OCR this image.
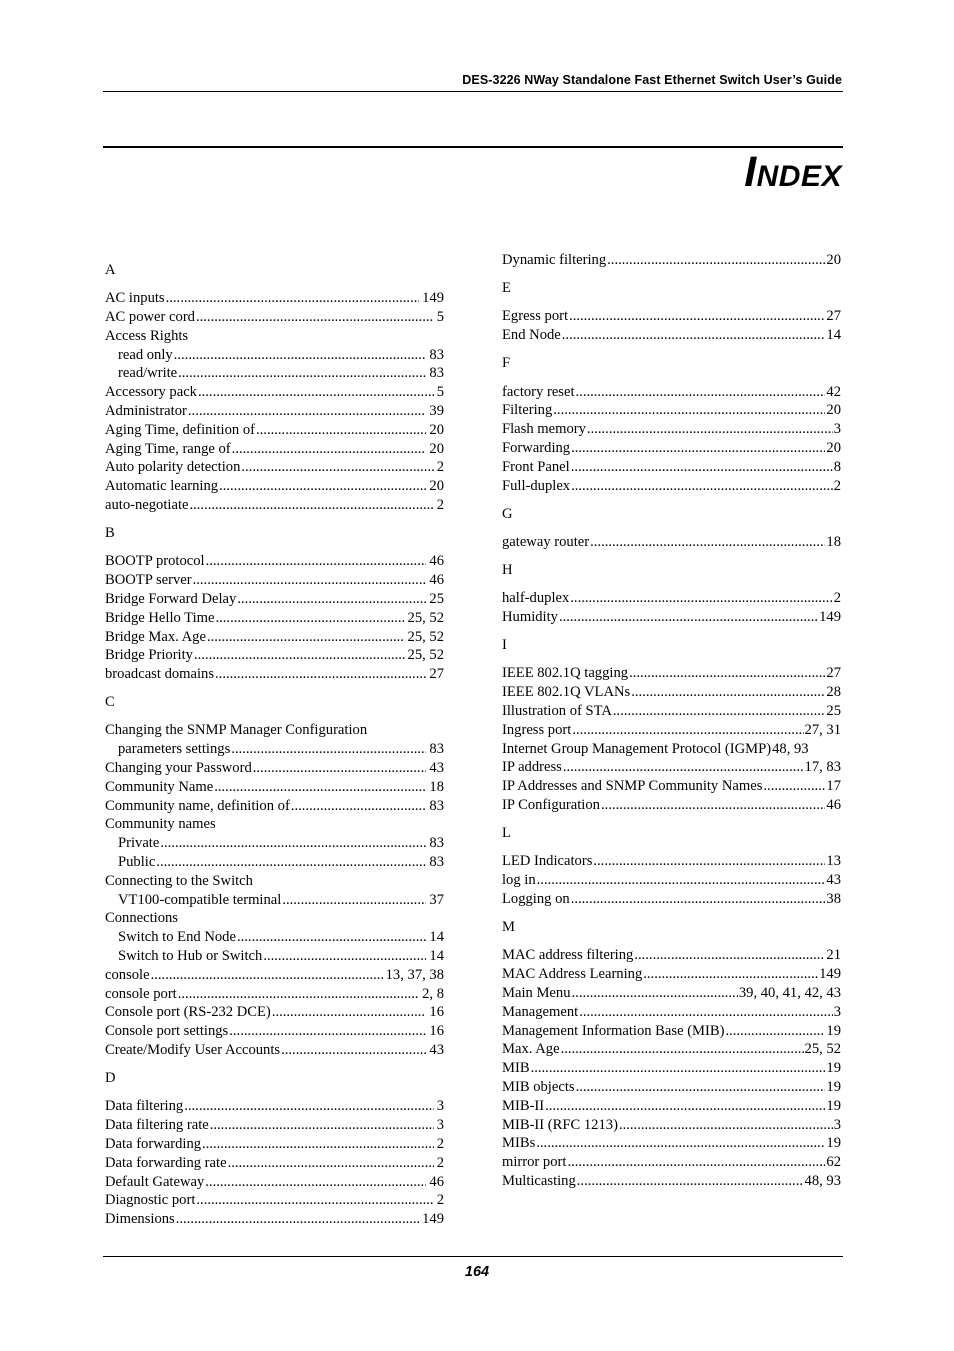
DES-3226 NWay Standalone Fast Ethernet Switch User’s Guide
INDEX
A
AC inputs .....	149
AC power cord .....	5
Access Rights
read only .....	83
read/write .....	83
Accessory pack .....	5
Administrator .....	39
Aging Time, definition of .....	20
Aging Time, range of .....	20
Auto polarity detection .....	2
Automatic learning .....	20
auto-negotiate .....	2
B
BOOTP protocol .....	46
BOOTP server .....	46
Bridge Forward Delay .....	25
Bridge Hello Time .....	25, 52
Bridge Max. Age .....	25, 52
Bridge Priority .....	25, 52
broadcast domains .....	27
C
Changing the SNMP Manager Configuration
parameters settings .....	83
Changing your Password .....	43
Community Name .....	18
Community name, definition of .....	83
Community names
Private .....	83
Public .....	83
Connecting to the Switch
VT100-compatible terminal .....	37
Connections
Switch to End Node .....	14
Switch to Hub or Switch .....	14
console .....	13, 37, 38
console port .....	2, 8
Console port (RS-232 DCE) .....	16
Console port settings .....	16
Create/Modify User Accounts .....	43
D
Data filtering .....	3
Data filtering rate .....	3
Data forwarding .....	2
Data forwarding rate .....	2
Default Gateway .....	46
Diagnostic port .....	2
Dimensions .....	149
Dynamic filtering .....	20
E
Egress port .....	27
End Node .....	14
F
factory reset .....	42
Filtering .....	20
Flash memory .....	3
Forwarding .....	20
Front Panel .....	8
Full-duplex .....	2
G
gateway router .....	18
H
half-duplex .....	2
Humidity .....	149
I
IEEE 802.1Q tagging .....	27
IEEE 802.1Q VLANs .....	28
Illustration of STA .....	25
Ingress port .....	27, 31
Internet Group Management Protocol (IGMP) 48, 93
IP address .....	17, 83
IP Addresses and SNMP Community Names .....	17
IP Configuration .....	46
L
LED Indicators .....	13
log in .....	43
Logging on .....	38
M
MAC address filtering .....	21
MAC Address Learning .....	149
Main Menu .....	39, 40, 41, 42, 43
Management .....	3
Management Information Base (MIB) .....	19
Max. Age .....	25, 52
MIB .....	19
MIB objects .....	19
MIB-II .....	19
MIB-II (RFC 1213) .....	3
MIBs .....	19
mirror port .....	62
Multicasting .....	48, 93
164
